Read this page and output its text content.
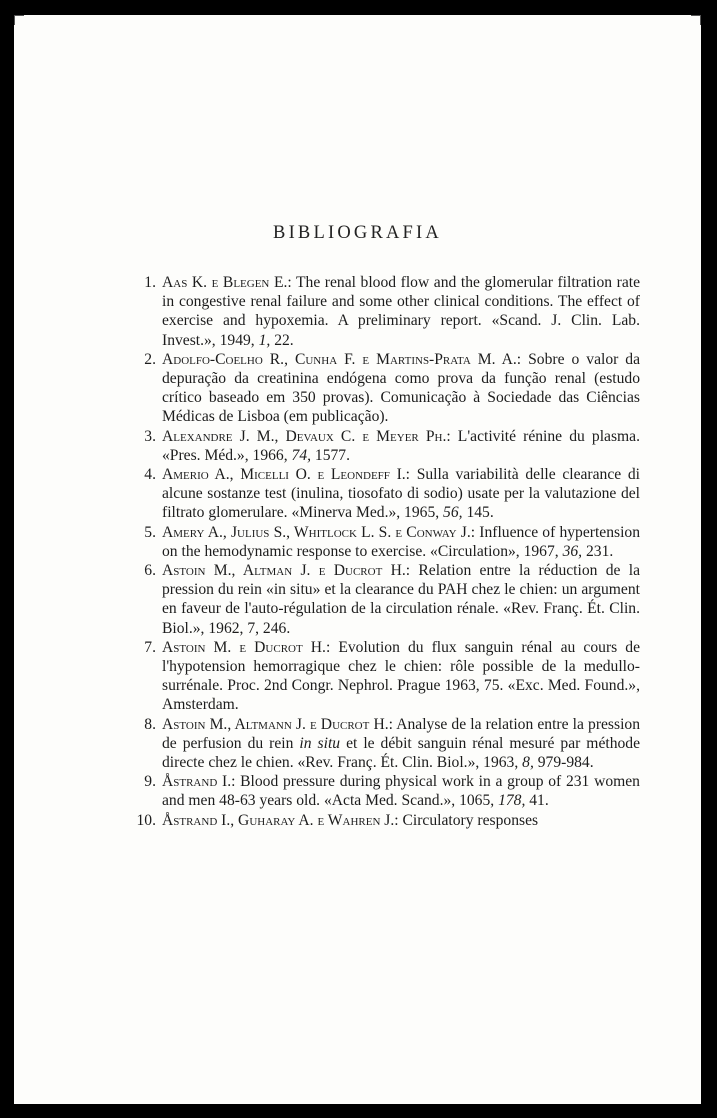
BIBLIOGRAFIA
1. Aas K. e Blegen E.: The renal blood flow and the glomerular filtration rate in congestive renal failure and some other clinical conditions. The effect of exercise and hypoxemia. A preliminary report. «Scand. J. Clin. Lab. Invest.», 1949, 1, 22.
2. Adolfo-Coelho R., Cunha F. e Martins-Prata M. A.: Sobre o valor da depuração da creatinina endógena como prova da função renal (estudo crítico baseado em 350 provas). Comunicação à Sociedade das Ciências Médicas de Lisboa (em publicação).
3. Alexandre J. M., Devaux C. e Meyer Ph.: L'activité rénine du plasma. «Pres. Méd.», 1966, 74, 1577.
4. Amerio A., Micelli O. e Leondeff I.: Sulla variabilità delle clearance di alcune sostanze test (inulina, tiosofato di sodio) usate per la valutazione del filtrato glomerulare. «Minerva Med.», 1965, 56, 145.
5. Amery A., Julius S., Whitlock L. S. e Conway J.: Influence of hypertension on the hemodynamic response to exercise. «Circulation», 1967, 36, 231.
6. Astoin M., Altman J. e Ducrot H.: Relation entre la réduction de la pression du rein «in situ» et la clearance du PAH chez le chien: un argument en faveur de l'auto-régulation de la circulation rénale. «Rev. Franç. Ét. Clin. Biol.», 1962, 7, 246.
7. Astoin M. e Ducrot H.: Evolution du flux sanguin rénal au cours de l'hypotension hemorragique chez le chien: rôle possible de la medullo-surrénale. Proc. 2nd Congr. Nephrol. Prague 1963, 75. «Exc. Med. Found.», Amsterdam.
8. Astoin M., Altmann J. e Ducrot H.: Analyse de la relation entre la pression de perfusion du rein in situ et le débit sanguin rénal mesuré par méthode directe chez le chien. «Rev. Franç. Ét. Clin. Biol.», 1963, 8, 979-984.
9. Åstrand I.: Blood pressure during physical work in a group of 231 women and men 48-63 years old. «Acta Med. Scand.», 1065, 178, 41.
10. Åstrand I., Guharay A. e Wahren J.: Circulatory responses
